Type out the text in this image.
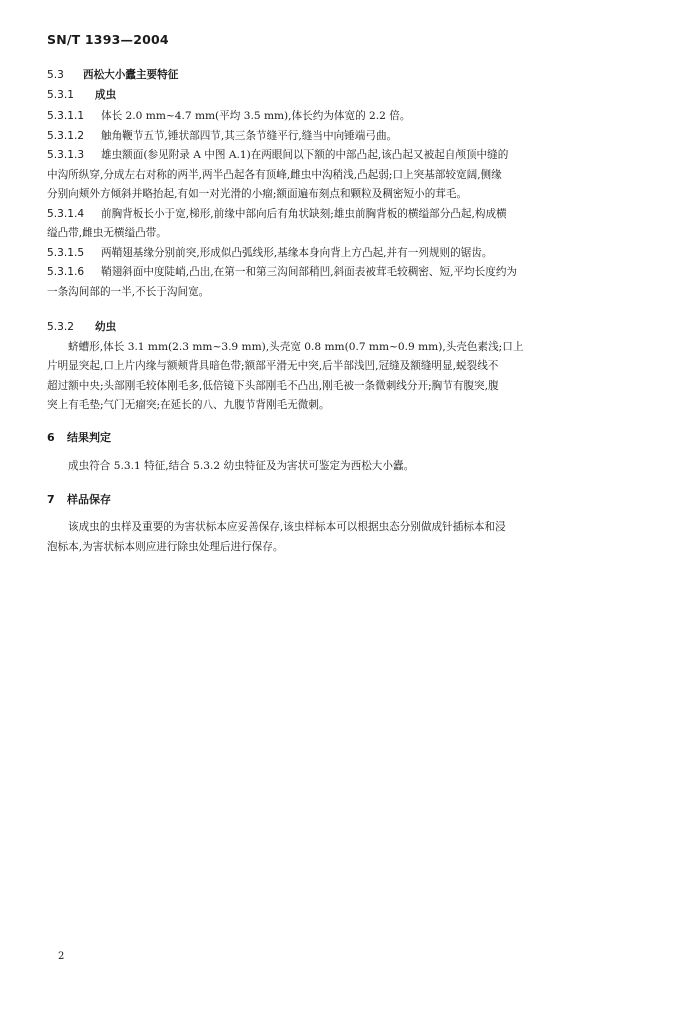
SN/T 1393—2004
5.3	西松大小蠹主要特征
5.3.1	成虫
5.3.1.1	体长 2.0 mm~4.7 mm(平均 3.5 mm),体长约为体宽的 2.2 倍。
5.3.1.2	触角鞭节五节,锤状部四节,其三条节缝平行,缝当中向锤端弓曲。
5.3.1.3	雄虫额面(参见附录 A 中图 A.1)在两眼间以下额的中部凸起,该凸起又被起自颅顶中缝的
中沟所纵穿,分成左右对称的两半,两半凸起各有顶峰,雌虫中沟稍浅,凸起弱;口上突基部较宽阔,侧缘
分别向颊外方倾斜并略抬起,有如一对光滑的小瘤;额面遍布刻点和颗粒及稠密短小的茸毛。
5.3.1.4	前胸背板长小于宽,梯形,前缘中部向后有角状缺刻;雄虫前胸背板的横缢部分凸起,构成横
缢凸带,雌虫无横缢凸带。
5.3.1.5	两鞘翅基缘分别前突,形成似凸弧线形,基缘本身向背上方凸起,并有一列规则的锯齿。
5.3.1.6	鞘翅斜面中度陡峭,凸出,在第一和第三沟间部稍凹,斜面表被茸毛较稠密、短,平均长度约为
一条沟间部的一半,不长于沟间宽。
5.3.2	幼虫
蛴螬形,体长 3.1 mm(2.3 mm~3.9 mm),头壳宽 0.8 mm(0.7 mm~0.9 mm),头壳色素浅;口上
片明显突起,口上片内缘与额颊背具暗色带;额部平滑无中突,后半部浅凹,冠缝及额缝明显,蜕裂线不
超过额中央;头部刚毛较体刚毛多,低倍镜下头部刚毛不凸出,刚毛被一条微刺线分开;胸节有腹突,腹
突上有毛垫;气门无瘤突;在延长的八、九腹节背刚毛无微刺。
6 结果判定
成虫符合 5.3.1 特征,结合 5.3.2 幼虫特征及为害状可鉴定为西松大小蠹。
7 样品保存
该成虫的虫样及重要的为害状标本应妥善保存,该虫样标本可以根据虫态分别做成针插标本和浸
泡标本,为害状标本则应进行除虫处理后进行保存。
2
